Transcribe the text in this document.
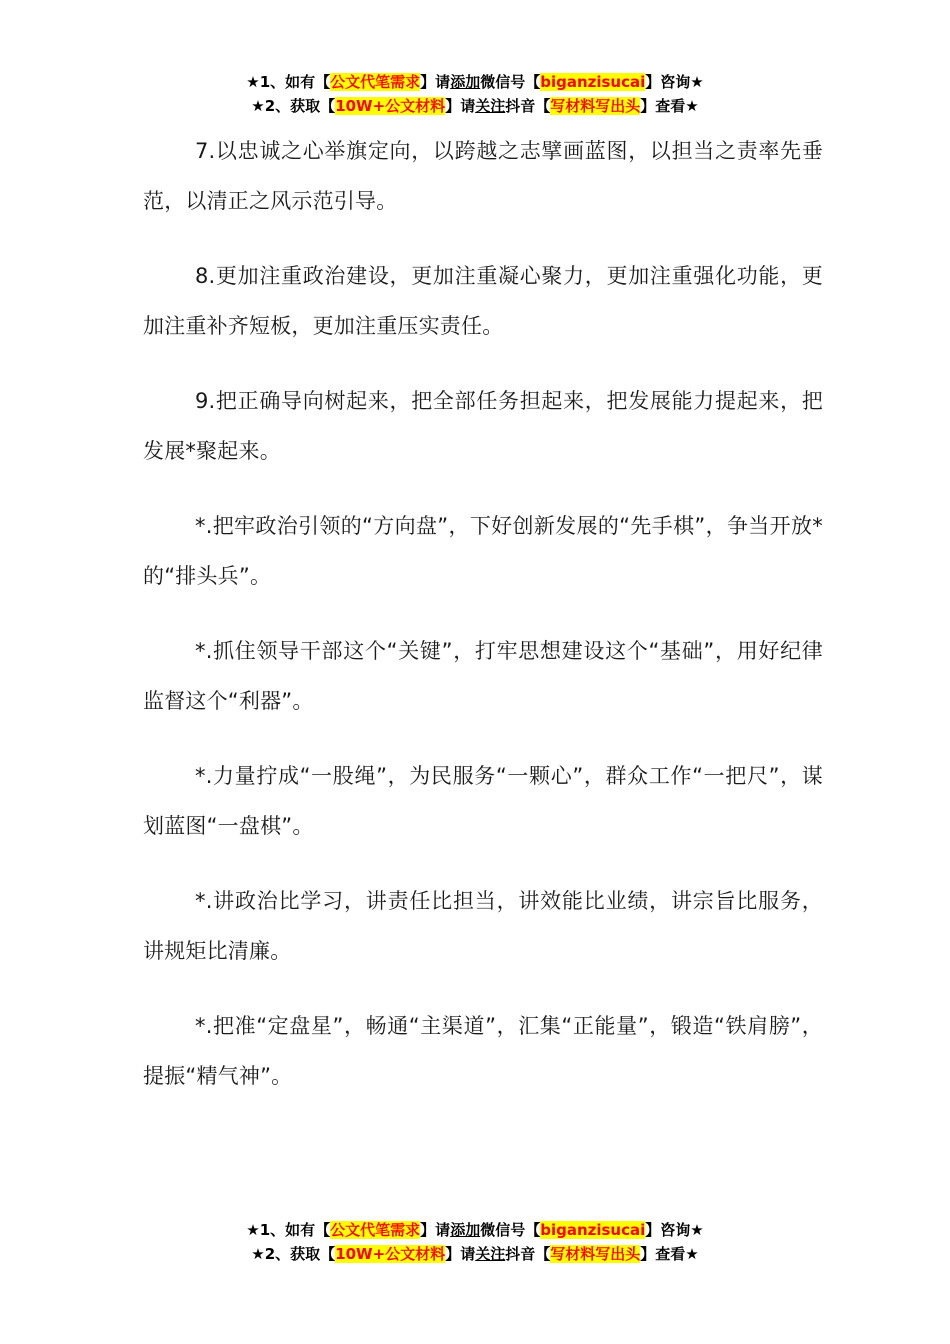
★1、如有【公文代笔需求】请添加微信号【biganzisucai】咨询★
★2、获取【10W+公文材料】请关注抖音【写材料写出头】查看★

7.以忠诚之心举旗定向，以跨越之志擘画蓝图，以担当之责率先垂范，以清正之风示范引导。

8.更加注重政治建设，更加注重凝心聚力，更加注重强化功能，更加注重补齐短板，更加注重压实责任。

9.把正确导向树起来，把全部任务担起来，把发展能力提起来，把发展*聚起来。

*.把牢政治引领的“方向盘”，下好创新发展的“先手棋”，争当开放*的“排头兵”。

*.抓住领导干部这个“关键”，打牢思想建设这个“基础”，用好纪律监督这个“利器”。

*.力量拧成“一股绳”，为民服务“一颗心”，群众工作“一把尺”，谋划蓝图“一盘棋”。

*.讲政治比学习，讲责任比担当，讲效能比业绩，讲宗旨比服务，讲规矩比清廉。

*.把准“定盘星”，畅通“主渠道”，汇集“正能量”，锻造“铁肩膀”，提振“精气神”。

★1、如有【公文代笔需求】请添加微信号【biganzisucai】咨询★
★2、获取【10W+公文材料】请关注抖音【写材料写出头】查看★
